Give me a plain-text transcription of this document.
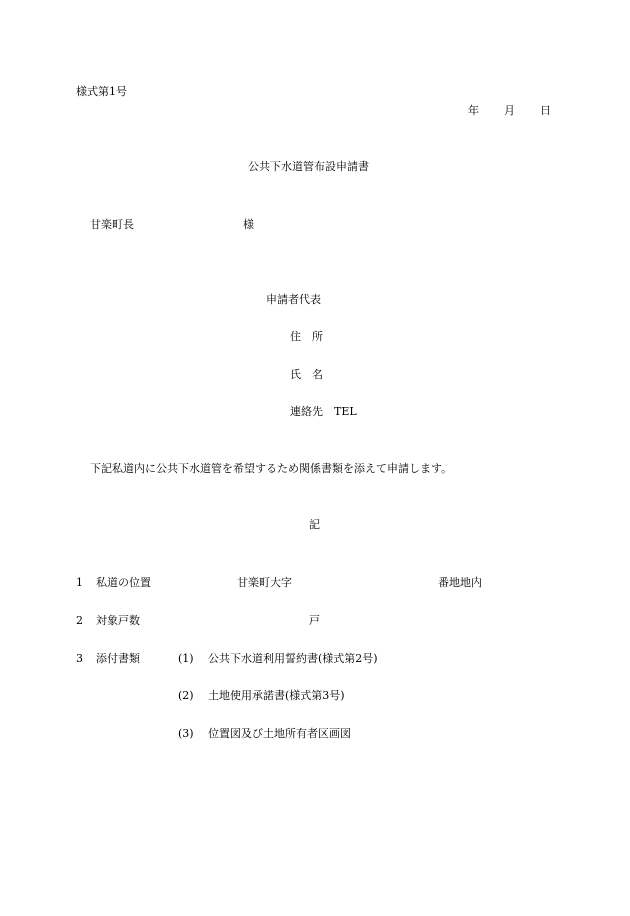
様式第1号
年 月 日
公共下水道管布設申請書
甘楽町長	様
申請者代表
住　所
氏　名
連絡先　TEL
下記私道内に公共下水道管を希望するため関係書類を添えて申請します。
記
1 私道の位置	甘楽町大字	番地地内
2 対象戸数	戸
3 添付書類	(1) 公共下水道利用誓約書(様式第2号)
(2) 土地使用承諾書(様式第3号)
(3) 位置図及び土地所有者区画図
